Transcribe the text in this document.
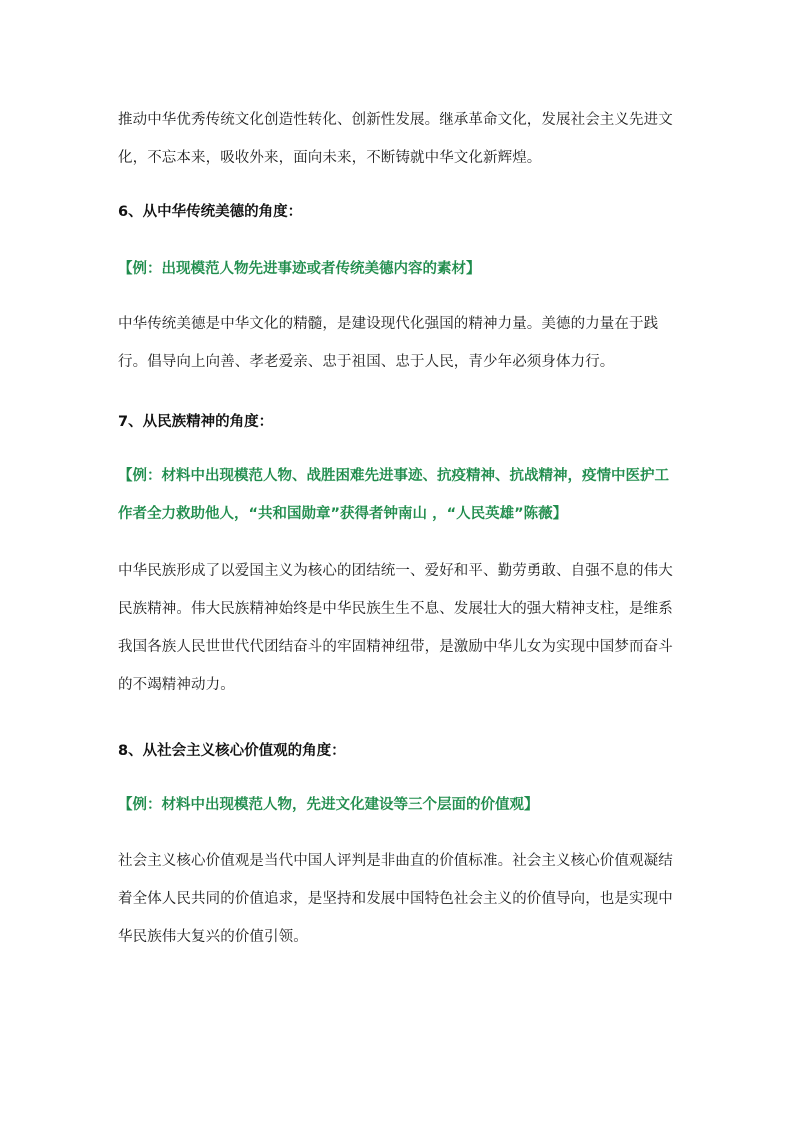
推动中华优秀传统文化创造性转化、创新性发展。继承革命文化，发展社会主义先进文化，不忘本来，吸收外来，面向未来，不断铸就中华文化新辉煌。

6、从中华传统美德的角度：

【例：出现模范人物先进事迹或者传统美德内容的素材】

中华传统美德是中华文化的精髓，是建设现代化强国的精神力量。美德的力量在于践行。倡导向上向善、孝老爱亲、忠于祖国、忠于人民，青少年必须身体力行。

7、从民族精神的角度：

【例：材料中出现模范人物、战胜困难先进事迹、抗疫精神、抗战精神，疫情中医护工作者全力救助他人，“共和国勋章”获得者钟南山 ，“人民英雄”陈薇】

中华民族形成了以爱国主义为核心的团结统一、爱好和平、勤劳勇敢、自强不息的伟大民族精神。伟大民族精神始终是中华民族生生不息、发展壮大的强大精神支柱，是维系我国各族人民世世代代团结奋斗的牢固精神纽带，是激励中华儿女为实现中国梦而奋斗的不竭精神动力。

8、从社会主义核心价值观的角度：

【例：材料中出现模范人物，先进文化建设等三个层面的价值观】

社会主义核心价值观是当代中国人评判是非曲直的价值标准。社会主义核心价值观凝结着全体人民共同的价值追求，是坚持和发展中国特色社会主义的价值导向，也是实现中华民族伟大复兴的价值引领。
